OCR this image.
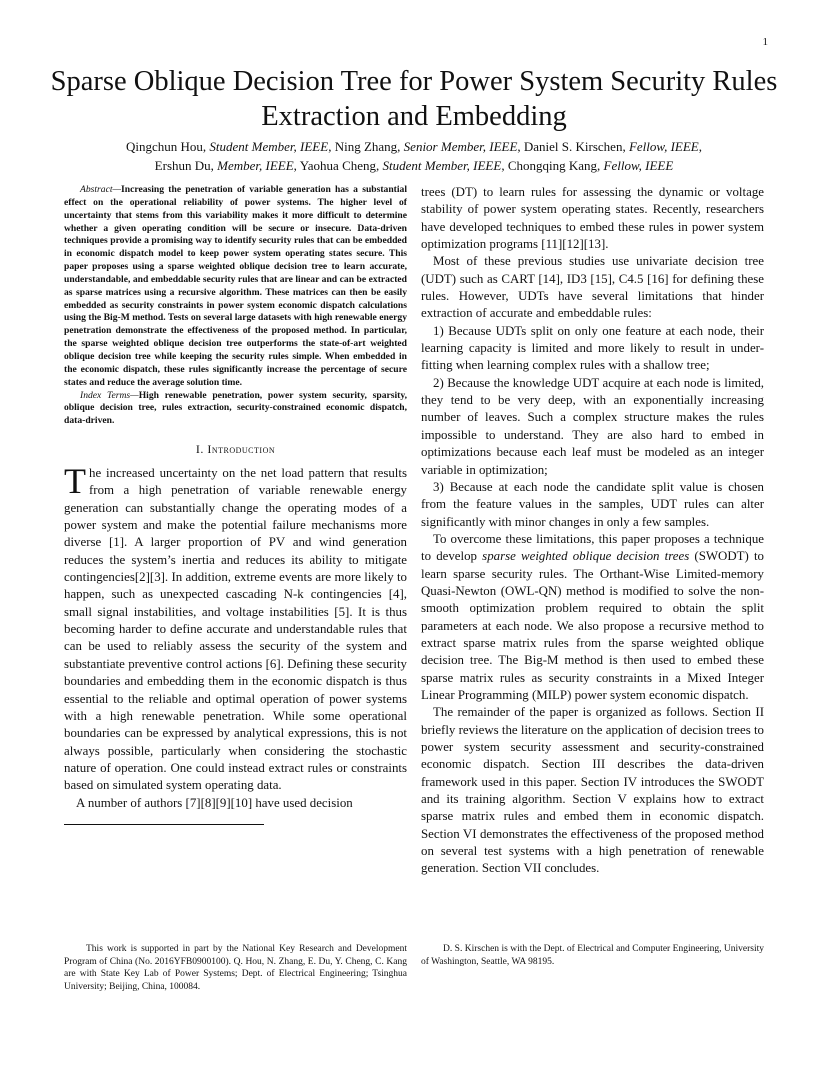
1
Sparse Oblique Decision Tree for Power System Security Rules Extraction and Embedding
Qingchun Hou, Student Member, IEEE, Ning Zhang, Senior Member, IEEE, Daniel S. Kirschen, Fellow, IEEE,
Ershun Du, Member, IEEE, Yaohua Cheng, Student Member, IEEE, Chongqing Kang, Fellow, IEEE

Abstract—Increasing the penetration of variable generation has a substantial effect on the operational reliability of power systems. The higher level of uncertainty that stems from this variability makes it more difficult to determine whether a given operating condition will be secure or insecure. Data-driven techniques provide a promising way to identify security rules that can be embedded in economic dispatch model to keep power system operating states secure. This paper proposes using a sparse weighted oblique decision tree to learn accurate, understandable, and embeddable security rules that are linear and can be extracted as sparse matrices using a recursive algorithm. These matrices can then be easily embedded as security constraints in power system economic dispatch calculations using the Big-M method. Tests on several large datasets with high renewable energy penetration demonstrate the effectiveness of the proposed method. In particular, the sparse weighted oblique decision tree outperforms the state-of-art weighted oblique decision tree while keeping the security rules simple. When embedded in the economic dispatch, these rules significantly increase the percentage of secure states and reduce the average solution time.

Index Terms—High renewable penetration, power system security, sparsity, oblique decision tree, rules extraction, security-constrained economic dispatch, data-driven.

I. Introduction

The increased uncertainty on the net load pattern that results from a high penetration of variable renewable energy generation can substantially change the operating modes of a power system and make the potential failure mechanisms more diverse [1]. A larger proportion of PV and wind generation reduces the system’s inertia and reduces its ability to mitigate contingencies[2][3]. In addition, extreme events are more likely to happen, such as unexpected cascading N-k contingencies [4], small signal instabilities, and voltage instabilities [5]. It is thus becoming harder to define accurate and understandable rules that can be used to reliably assess the security of the system and substantiate preventive control actions [6]. Defining these security boundaries and embedding them in the economic dispatch is thus essential to the reliable and optimal operation of power systems with a high renewable penetration. While some operational boundaries can be expressed by analytical expressions, this is not always possible, particularly when considering the stochastic nature of operation. One could instead extract rules or constraints based on simulated system operating data.

A number of authors [7][8][9][10] have used decision

trees (DT) to learn rules for assessing the dynamic or voltage stability of power system operating states. Recently, researchers have developed techniques to embed these rules in power system optimization programs [11][12][13].

Most of these previous studies use univariate decision tree (UDT) such as CART [14], ID3 [15], C4.5 [16] for defining these rules. However, UDTs have several limitations that hinder extraction of accurate and embeddable rules:

1) Because UDTs split on only one feature at each node, their learning capacity is limited and more likely to result in under-fitting when learning complex rules with a shallow tree;

2) Because the knowledge UDT acquire at each node is limited, they tend to be very deep, with an exponentially increasing number of leaves. Such a complex structure makes the rules impossible to understand. They are also hard to embed in optimizations because each leaf must be modeled as an integer variable in optimization;

3) Because at each node the candidate split value is chosen from the feature values in the samples, UDT rules can alter significantly with minor changes in only a few samples.

To overcome these limitations, this paper proposes a technique to develop sparse weighted oblique decision trees (SWODT) to learn sparse security rules. The Orthant-Wise Limited-memory Quasi-Newton (OWL-QN) method is modified to solve the non-smooth optimization problem required to obtain the split parameters at each node. We also propose a recursive method to extract sparse matrix rules from the sparse weighted oblique decision tree. The Big-M method is then used to embed these sparse matrix rules as security constraints in a Mixed Integer Linear Programming (MILP) power system economic dispatch.

The remainder of the paper is organized as follows. Section II briefly reviews the literature on the application of decision trees to power system security assessment and security-constrained economic dispatch. Section III describes the data-driven framework used in this paper. Section IV introduces the SWODT and its training algorithm. Section V explains how to extract sparse matrix rules and embed them in economic dispatch. Section VI demonstrates the effectiveness of the proposed method on several test systems with a high penetration of renewable generation. Section VII concludes.

This work is supported in part by the National Key Research and Development Program of China (No. 2016YFB0900100). Q. Hou, N. Zhang, E. Du, Y. Cheng, C. Kang are with State Key Lab of Power Systems; Dept. of Electrical Engineering; Tsinghua University; Beijing, China, 100084.

D. S. Kirschen is with the Dept. of Electrical and Computer Engineering, University of Washington, Seattle, WA 98195.
